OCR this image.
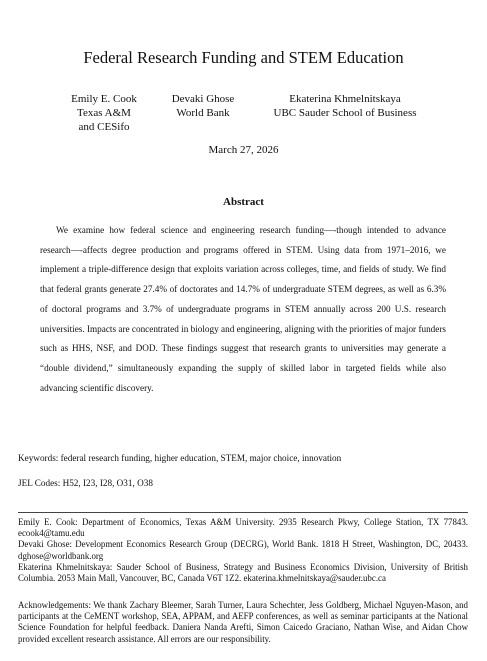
Federal Research Funding and STEM Education
Emily E. Cook
Texas A&M
and CESifo
Devaki Ghose
World Bank
Ekaterina Khmelnitskaya
UBC Sauder School of Business
March 27, 2026
Abstract

We examine how federal science and engineering research funding—-though intended to advance research—-affects degree production and programs offered in STEM. Using data from 1971–2016, we implement a triple-difference design that exploits variation across colleges, time, and fields of study. We find that federal grants generate 27.4% of doctorates and 14.7% of undergraduate STEM degrees, as well as 6.3% of doctoral programs and 3.7% of undergraduate programs in STEM annually across 200 U.S. research universities. Impacts are concentrated in biology and engineering, aligning with the priorities of major funders such as HHS, NSF, and DOD. These findings suggest that research grants to universities may generate a “double dividend,” simultaneously expanding the supply of skilled labor in targeted fields while also advancing scientific discovery.

Keywords: federal research funding, higher education, STEM, major choice, innovation

JEL Codes: H52, I23, I28, O31, O38

Emily E. Cook: Department of Economics, Texas A&M University. 2935 Research Pkwy, College Station, TX 77843. ecook4@tamu.edu

Devaki Ghose: Development Economics Research Group (DECRG), World Bank. 1818 H Street, Washington, DC, 20433. dghose@worldbank.org

Ekaterina Khmelnitskaya: Sauder School of Business, Strategy and Business Economics Division, University of British Columbia. 2053 Main Mall, Vancouver, BC, Canada V6T 1Z2. ekaterina.khmelnitskaya@sauder.ubc.ca

Acknowledgements: We thank Zachary Bleemer, Sarah Turner, Laura Schechter, Jess Goldberg, Michael Nguyen-Mason, and participants at the CeMENT workshop, SEA, APPAM, and AEFP conferences, as well as seminar participants at the National Science Foundation for helpful feedback. Daniera Nanda Arefti, Simon Caicedo Graciano, Nathan Wise, and Aidan Chow provided excellent research assistance. All errors are our responsibility.
